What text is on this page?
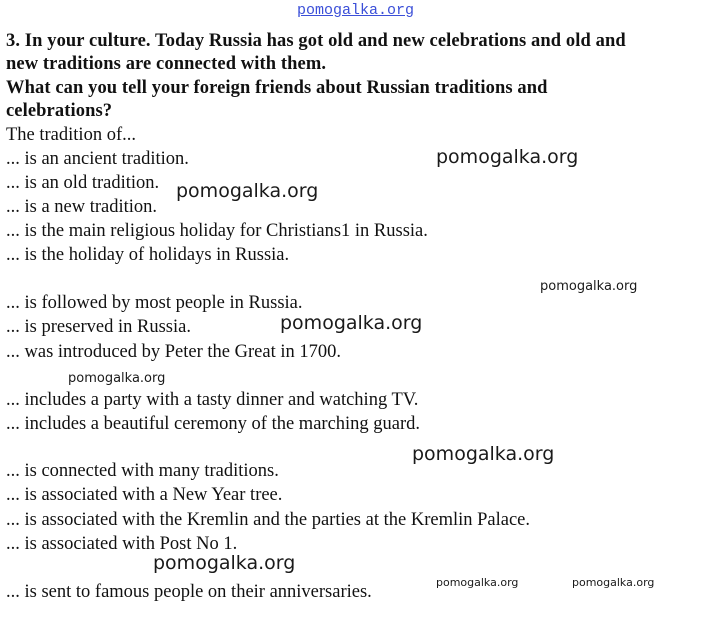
pomogalka.org
3. In your culture. Today Russia has got old and new celebrations and old and
new traditions are connected with them.
What can you tell your foreign friends about Russian traditions and
celebrations?
The tradition of...
... is an ancient tradition.
... is an old tradition.
... is a new tradition.
... is the main religious holiday for Christians1 in Russia.
... is the holiday of holidays in Russia.
... is followed by most people in Russia.
... is preserved in Russia.
... was introduced by Peter the Great in 1700.
... includes a party with a tasty dinner and watching TV.
... includes a beautiful ceremony of the marching guard.
... is connected with many traditions.
... is associated with a New Year tree.
... is associated with the Kremlin and the parties at the Kremlin Palace.
... is associated with Post No 1.
... is sent to famous people on their anniversaries.
pomogalka.org
pomogalka.org
pomogalka.org
pomogalka.org
pomogalka.org
pomogalka.org
pomogalka.org
pomogalka.org	pomogalka.org
